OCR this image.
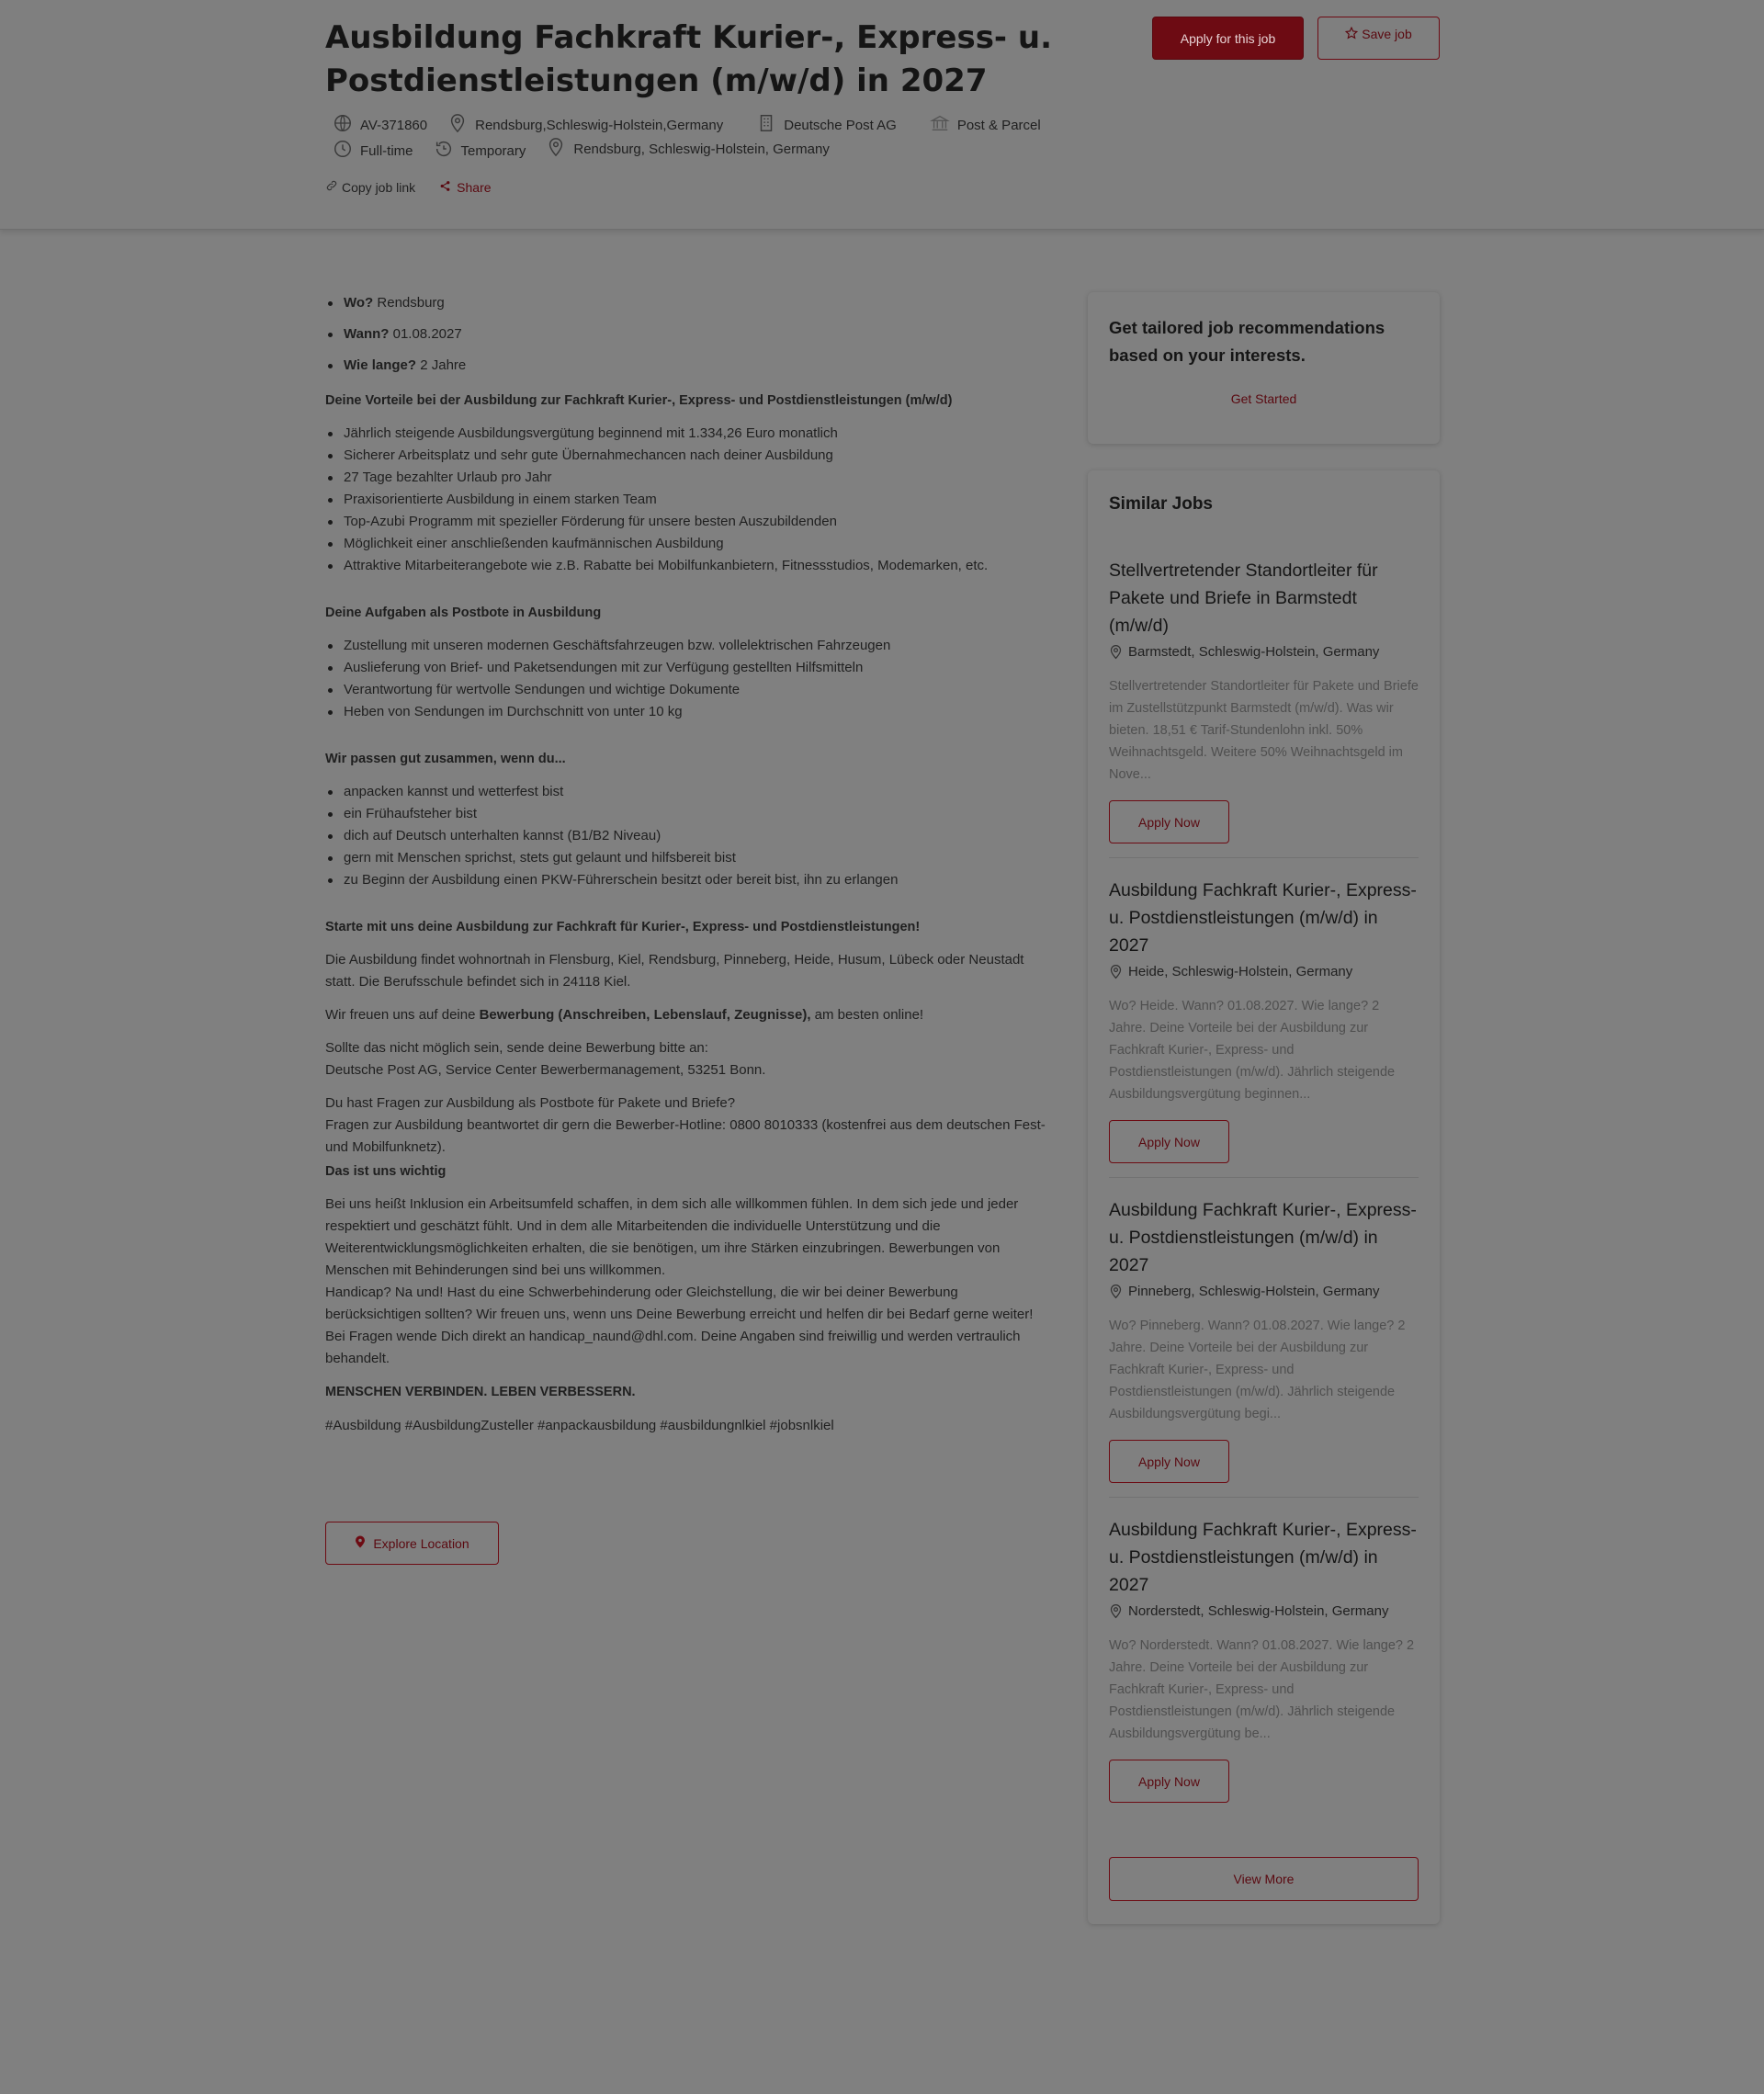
Ausbildung Fachkraft Kurier-, Express- u. Postdienstleistungen (m/w/d) in 2027
Apply for this job	Save job
AV-371860	Rendsburg,Schleswig-Holstein,Germany	Deutsche Post AG	Post & Parcel
Full-time	Temporary	Rendsburg, Schleswig-Holstein, Germany
Copy job link	Share
Wo? Rendsburg
Wann? 01.08.2027
Wie lange? 2 Jahre
Deine Vorteile bei der Ausbildung zur Fachkraft Kurier-, Express- und Postdienstleistungen (m/w/d)
Jährlich steigende Ausbildungsvergütung beginnend mit 1.334,26 Euro monatlich
Sicherer Arbeitsplatz und sehr gute Übernahmechancen nach deiner Ausbildung
27 Tage bezahlter Urlaub pro Jahr
Praxisorientierte Ausbildung in einem starken Team
Top-Azubi Programm mit spezieller Förderung für unsere besten Auszubildenden
Möglichkeit einer anschließenden kaufmännischen Ausbildung
Attraktive Mitarbeiterangebote wie z.B. Rabatte bei Mobilfunkanbietern, Fitnessstudios, Modemarken, etc.
Deine Aufgaben als Postbote in Ausbildung
Zustellung mit unseren modernen Geschäftsfahrzeugen bzw. vollelektrischen Fahrzeugen
Auslieferung von Brief- und Paketsendungen mit zur Verfügung gestellten Hilfsmitteln
Verantwortung für wertvolle Sendungen und wichtige Dokumente
Heben von Sendungen im Durchschnitt von unter 10 kg
Wir passen gut zusammen, wenn du...
anpacken kannst und wetterfest bist
ein Frühaufsteher bist
dich auf Deutsch unterhalten kannst (B1/B2 Niveau)
gern mit Menschen sprichst, stets gut gelaunt und hilfsbereit bist
zu Beginn der Ausbildung einen PKW-Führerschein besitzt oder bereit bist, ihn zu erlangen
Starte mit uns deine Ausbildung zur Fachkraft für Kurier-, Express- und Postdienstleistungen!

Die Ausbildung findet wohnortnah in Flensburg, Kiel, Rendsburg, Pinneberg, Heide, Husum, Lübeck oder Neustadt statt. Die Berufsschule befindet sich in 24118 Kiel.

Wir freuen uns auf deine Bewerbung (Anschreiben, Lebenslauf, Zeugnisse), am besten online!

Sollte das nicht möglich sein, sende deine Bewerbung bitte an:
Deutsche Post AG, Service Center Bewerbermanagement, 53251 Bonn.

Du hast Fragen zur Ausbildung als Postbote für Pakete und Briefe?
Fragen zur Ausbildung beantwortet dir gern die Bewerber-Hotline: 0800 8010333 (kostenfrei aus dem deutschen Fest- und Mobilfunknetz).

Das ist uns wichtig

Bei uns heißt Inklusion ein Arbeitsumfeld schaffen, in dem sich alle willkommen fühlen. In dem sich jede und jeder respektiert und geschätzt fühlt. Und in dem alle Mitarbeitenden die individuelle Unterstützung und die Weiterentwicklungsmöglichkeiten erhalten, die sie benötigen, um ihre Stärken einzubringen. Bewerbungen von Menschen mit Behinderungen sind bei uns willkommen.

Handicap? Na und! Hast du eine Schwerbehinderung oder Gleichstellung, die wir bei deiner Bewerbung berücksichtigen sollten? Wir freuen uns, wenn uns Deine Bewerbung erreicht und helfen dir bei Bedarf gerne weiter! Bei Fragen wende Dich direkt an handicap_naund@dhl.com. Deine Angaben sind freiwillig und werden vertraulich behandelt.

MENSCHEN VERBINDEN. LEBEN VERBESSERN.

#Ausbildung #AusbildungZusteller #anpackausbildung #ausbildungnlkiel #jobsnlkiel

Explore Location
Get tailored job recommendations based on your interests.
Get Started
Similar Jobs
Stellvertretender Standortleiter für Pakete und Briefe in Barmstedt (m/w/d)
Barmstedt, Schleswig-Holstein, Germany
Stellvertretender Standortleiter für Pakete und Briefe im Zustellstützpunkt Barmstedt (m/w/d). Was wir bieten. 18,51 € Tarif-Stundenlohn inkl. 50% Weihnachtsgeld. Weitere 50% Weihnachtsgeld im Nove...
Apply Now
Ausbildung Fachkraft Kurier-, Express- u. Postdienstleistungen (m/w/d) in 2027
Heide, Schleswig-Holstein, Germany
Wo? Heide. Wann? 01.08.2027. Wie lange? 2 Jahre. Deine Vorteile bei der Ausbildung zur Fachkraft Kurier-, Express- und Postdienstleistungen (m/w/d). Jährlich steigende Ausbildungsvergütung beginnen...
Apply Now
Ausbildung Fachkraft Kurier-, Express- u. Postdienstleistungen (m/w/d) in 2027
Pinneberg, Schleswig-Holstein, Germany
Wo? Pinneberg. Wann? 01.08.2027. Wie lange? 2 Jahre. Deine Vorteile bei der Ausbildung zur Fachkraft Kurier-, Express- und Postdienstleistungen (m/w/d). Jährlich steigende Ausbildungsvergütung begi...
Apply Now
Ausbildung Fachkraft Kurier-, Express- u. Postdienstleistungen (m/w/d) in 2027
Norderstedt, Schleswig-Holstein, Germany
Wo? Norderstedt. Wann? 01.08.2027. Wie lange? 2 Jahre. Deine Vorteile bei der Ausbildung zur Fachkraft Kurier-, Express- und Postdienstleistungen (m/w/d). Jährlich steigende Ausbildungsvergütung be...
Apply Now
View More
